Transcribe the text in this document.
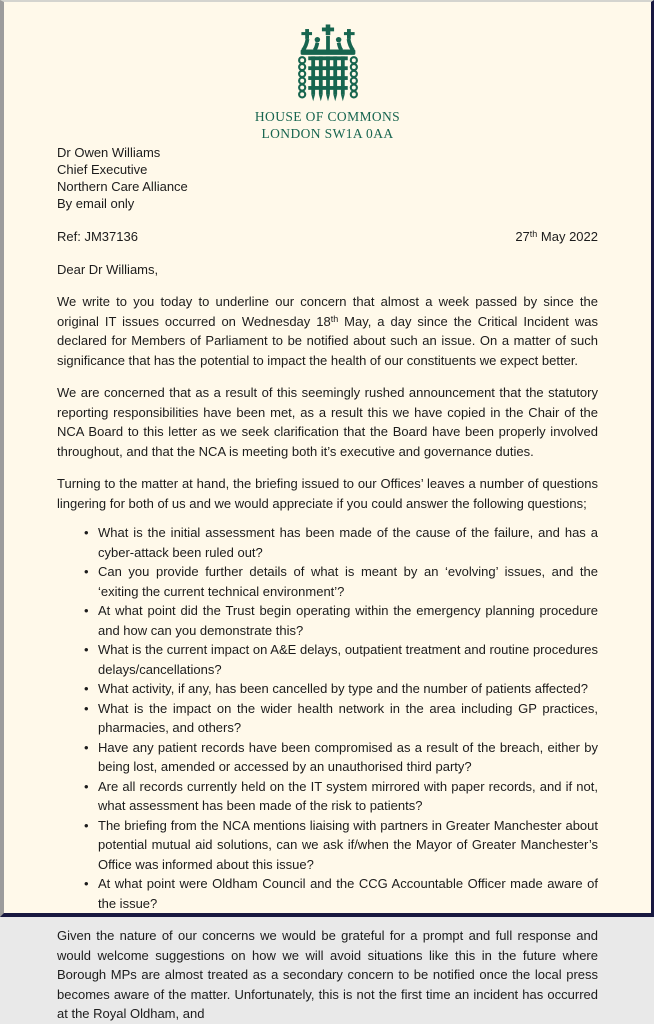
HOUSE OF COMMONS
LONDON SW1A 0AA
Dr Owen Williams
Chief Executive
Northern Care Alliance
By email only
Ref: JM37136	27th May 2022
Dear Dr Williams,

We write to you today to underline our concern that almost a week passed by since the original IT issues occurred on Wednesday 18th May, a day since the Critical Incident was declared for Members of Parliament to be notified about such an issue. On a matter of such significance that has the potential to impact the health of our constituents we expect better.

We are concerned that as a result of this seemingly rushed announcement that the statutory reporting responsibilities have been met, as a result this we have copied in the Chair of the NCA Board to this letter as we seek clarification that the Board have been properly involved throughout, and that the NCA is meeting both it’s executive and governance duties.

Turning to the matter at hand, the briefing issued to our Offices’ leaves a number of questions lingering for both of us and we would appreciate if you could answer the following questions;

• What is the initial assessment has been made of the cause of the failure, and has a cyber-attack been ruled out?
• Can you provide further details of what is meant by an ‘evolving’ issues, and the ‘exiting the current technical environment’?
• At what point did the Trust begin operating within the emergency planning procedure and how can you demonstrate this?
• What is the current impact on A&E delays, outpatient treatment and routine procedures delays/cancellations?
• What activity, if any, has been cancelled by type and the number of patients affected?
• What is the impact on the wider health network in the area including GP practices, pharmacies, and others?
• Have any patient records have been compromised as a result of the breach, either by being lost, amended or accessed by an unauthorised third party?
• Are all records currently held on the IT system mirrored with paper records, and if not, what assessment has been made of the risk to patients?
• The briefing from the NCA mentions liaising with partners in Greater Manchester about potential mutual aid solutions, can we ask if/when the Mayor of Greater Manchester’s Office was informed about this issue?
• At what point were Oldham Council and the CCG Accountable Officer made aware of the issue?

Given the nature of our concerns we would be grateful for a prompt and full response and would welcome suggestions on how we will avoid situations like this in the future where Borough MPs are almost treated as a secondary concern to be notified once the local press becomes aware of the matter. Unfortunately, this is not the first time an incident has occurred at the Royal Oldham, and
